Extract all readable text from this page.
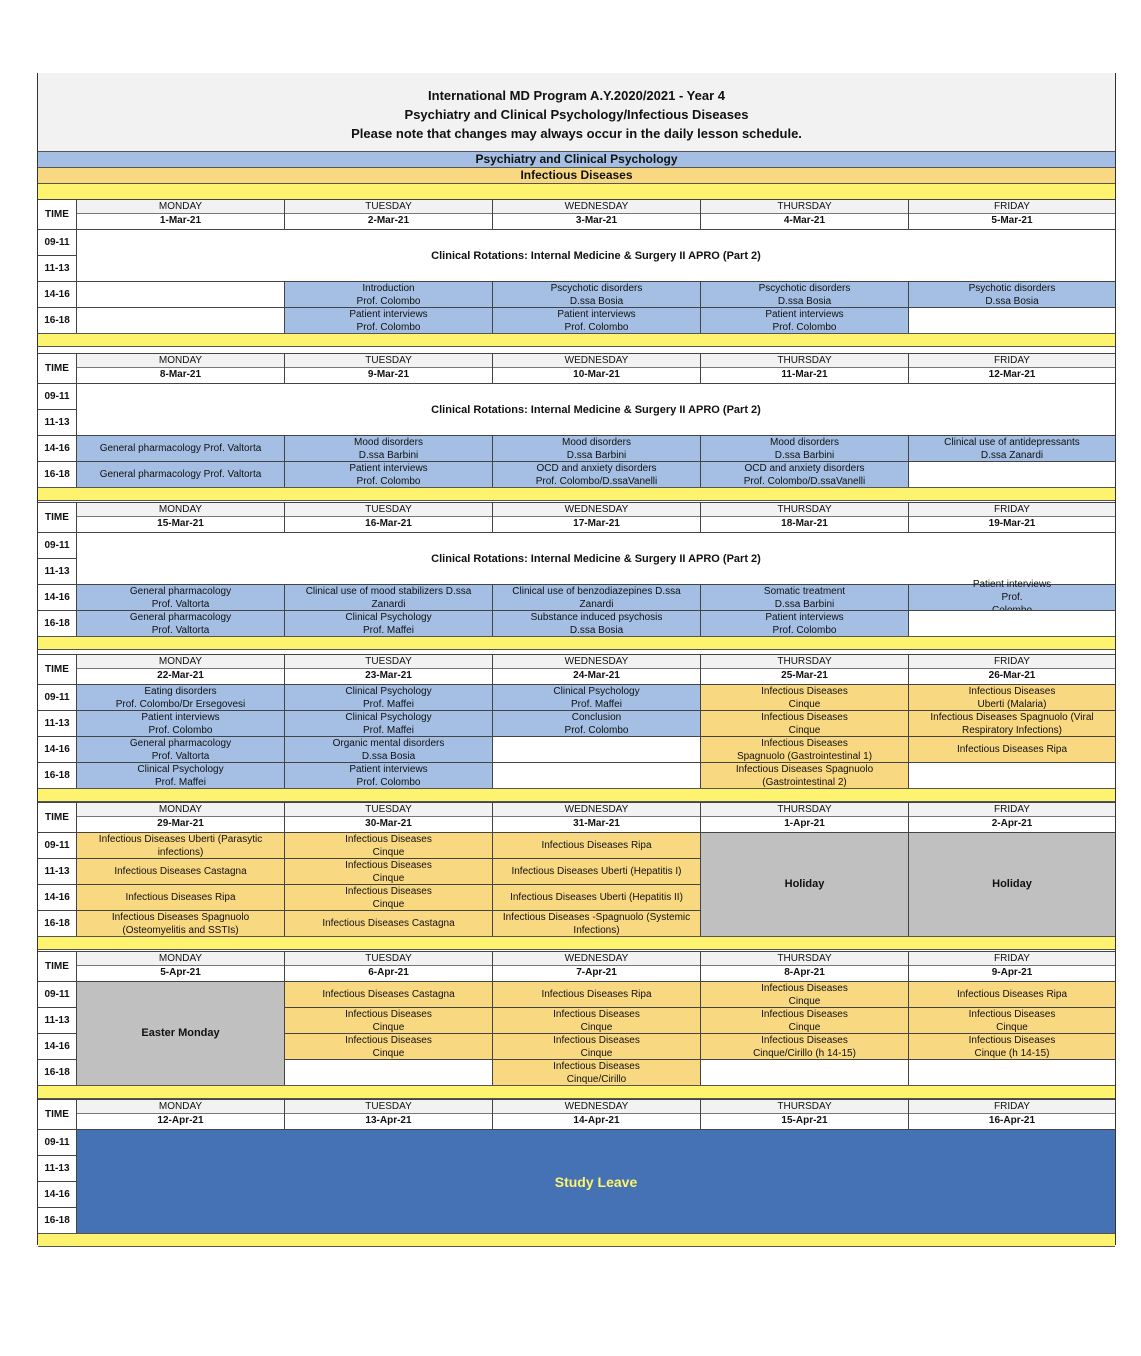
International MD Program A.Y.2020/2021 - Year 4
Psychiatry and Clinical Psychology/Infectious Diseases
Please note that changes may always occur in the daily lesson schedule.
Psychiatry and Clinical Psychology
Infectious Diseases
TIME
MONDAY
1-Mar-21
TUESDAY
2-Mar-21
WEDNESDAY
3-Mar-21
THURSDAY
4-Mar-21
FRIDAY
5-Mar-21
09-11
11-13
14-16
16-18
Clinical Rotations: Internal Medicine & Surgery II APRO (Part 2)
Introduction
Prof. Colombo
Pscychotic disorders
D.ssa Bosia
Pscychotic disorders
D.ssa Bosia
Psychotic disorders
D.ssa Bosia
Patient interviews
Prof. Colombo
Patient interviews
Prof. Colombo
Patient interviews
Prof. Colombo
TIME
MONDAY
8-Mar-21
TUESDAY
9-Mar-21
WEDNESDAY
10-Mar-21
THURSDAY
11-Mar-21
FRIDAY
12-Mar-21
09-11
11-13
14-16
16-18
Clinical Rotations: Internal Medicine & Surgery II APRO (Part 2)
General pharmacology Prof. Valtorta
Mood disorders
D.ssa Barbini
Mood disorders
D.ssa Barbini
Mood disorders
D.ssa Barbini
Clinical use of antidepressants
D.ssa Zanardi
General pharmacology Prof. Valtorta
Patient interviews
Prof. Colombo
OCD and anxiety disorders
Prof. Colombo/D.ssaVanelli
OCD and anxiety disorders
Prof. Colombo/D.ssaVanelli
TIME
MONDAY
15-Mar-21
TUESDAY
16-Mar-21
WEDNESDAY
17-Mar-21
THURSDAY
18-Mar-21
FRIDAY
19-Mar-21
09-11
11-13
14-16
16-18
Clinical Rotations: Internal Medicine & Surgery II APRO (Part 2)
General pharmacology
Prof. Valtorta
Clinical use of mood stabilizers D.ssa
Zanardi
Clinical use of benzodiazepines D.ssa
Zanardi
Somatic treatment
D.ssa Barbini
Patient interviews
Prof.
General pharmacology
Prof. Valtorta
Clinical Psychology
Prof. Maffei
Substance induced psychosis
D.ssa Bosia
Patient interviews
Prof. Colombo
TIME
MONDAY
22-Mar-21
TUESDAY
23-Mar-21
WEDNESDAY
24-Mar-21
THURSDAY
25-Mar-21
FRIDAY
26-Mar-21
09-11
11-13
14-16
16-18
Eating disorders
Prof. Colombo/Dr Ersegovesi
Clinical Psychology
Prof. Maffei
Clinical Psychology
Prof. Maffei
Infectious Diseases
Cinque
Infectious Diseases
Uberti (Malaria)
Patient interviews
Prof. Colombo
Clinical Psychology
Prof. Maffei
Conclusion
Prof. Colombo
Infectious Diseases
Cinque
Infectious Diseases Spagnuolo (Viral
Respiratory Infections)
General pharmacology
Prof. Valtorta
Organic mental disorders
D.ssa Bosia
Infectious Diseases
Spagnuolo (Gastrointestinal 1)
Infectious Diseases Ripa
Clinical Psychology
Prof. Maffei
Patient interviews
Prof. Colombo
Infectious Diseases Spagnuolo
(Gastrointestinal 2)
TIME
MONDAY
29-Mar-21
TUESDAY
30-Mar-21
WEDNESDAY
31-Mar-21
THURSDAY
1-Apr-21
FRIDAY
2-Apr-21
09-11
11-13
14-16
16-18
Infectious Diseases Uberti (Parasytic
infections)
Infectious Diseases
Cinque
Infectious Diseases Ripa
Infectious Diseases Castagna
Infectious Diseases
Cinque
Infectious Diseases Uberti (Hepatitis I)
Infectious Diseases Ripa
Infectious Diseases
Cinque
Infectious Diseases Uberti (Hepatitis II)
Infectious Diseases Spagnuolo
(Osteomyelitis and SSTIs)
Infectious Diseases Castagna
Infectious Diseases -Spagnuolo (Systemic
Infections)
Holiday	Holiday
TIME
MONDAY
5-Apr-21
TUESDAY
6-Apr-21
WEDNESDAY
7-Apr-21
THURSDAY
8-Apr-21
FRIDAY
9-Apr-21
09-11
11-13
14-16
16-18
Infectious Diseases Castagna	Infectious Diseases Ripa
Infectious Diseases
Cinque
Infectious Diseases Ripa
Infectious Diseases
Cinque
Infectious Diseases
Cinque
Infectious Diseases
Cinque
Infectious Diseases
Cinque
Infectious Diseases
Cinque
Infectious Diseases
Cinque
Infectious Diseases
Cinque/Cirillo (h 14-15)
Infectious Diseases
Cinque (h 14-15)
Infectious Diseases
Cinque/Cirillo
Easter Monday
TIME
MONDAY
12-Apr-21
TUESDAY
13-Apr-21
WEDNESDAY
14-Apr-21
THURSDAY
15-Apr-21
FRIDAY
16-Apr-21
09-11
11-13
14-16
16-18
Study Leave
